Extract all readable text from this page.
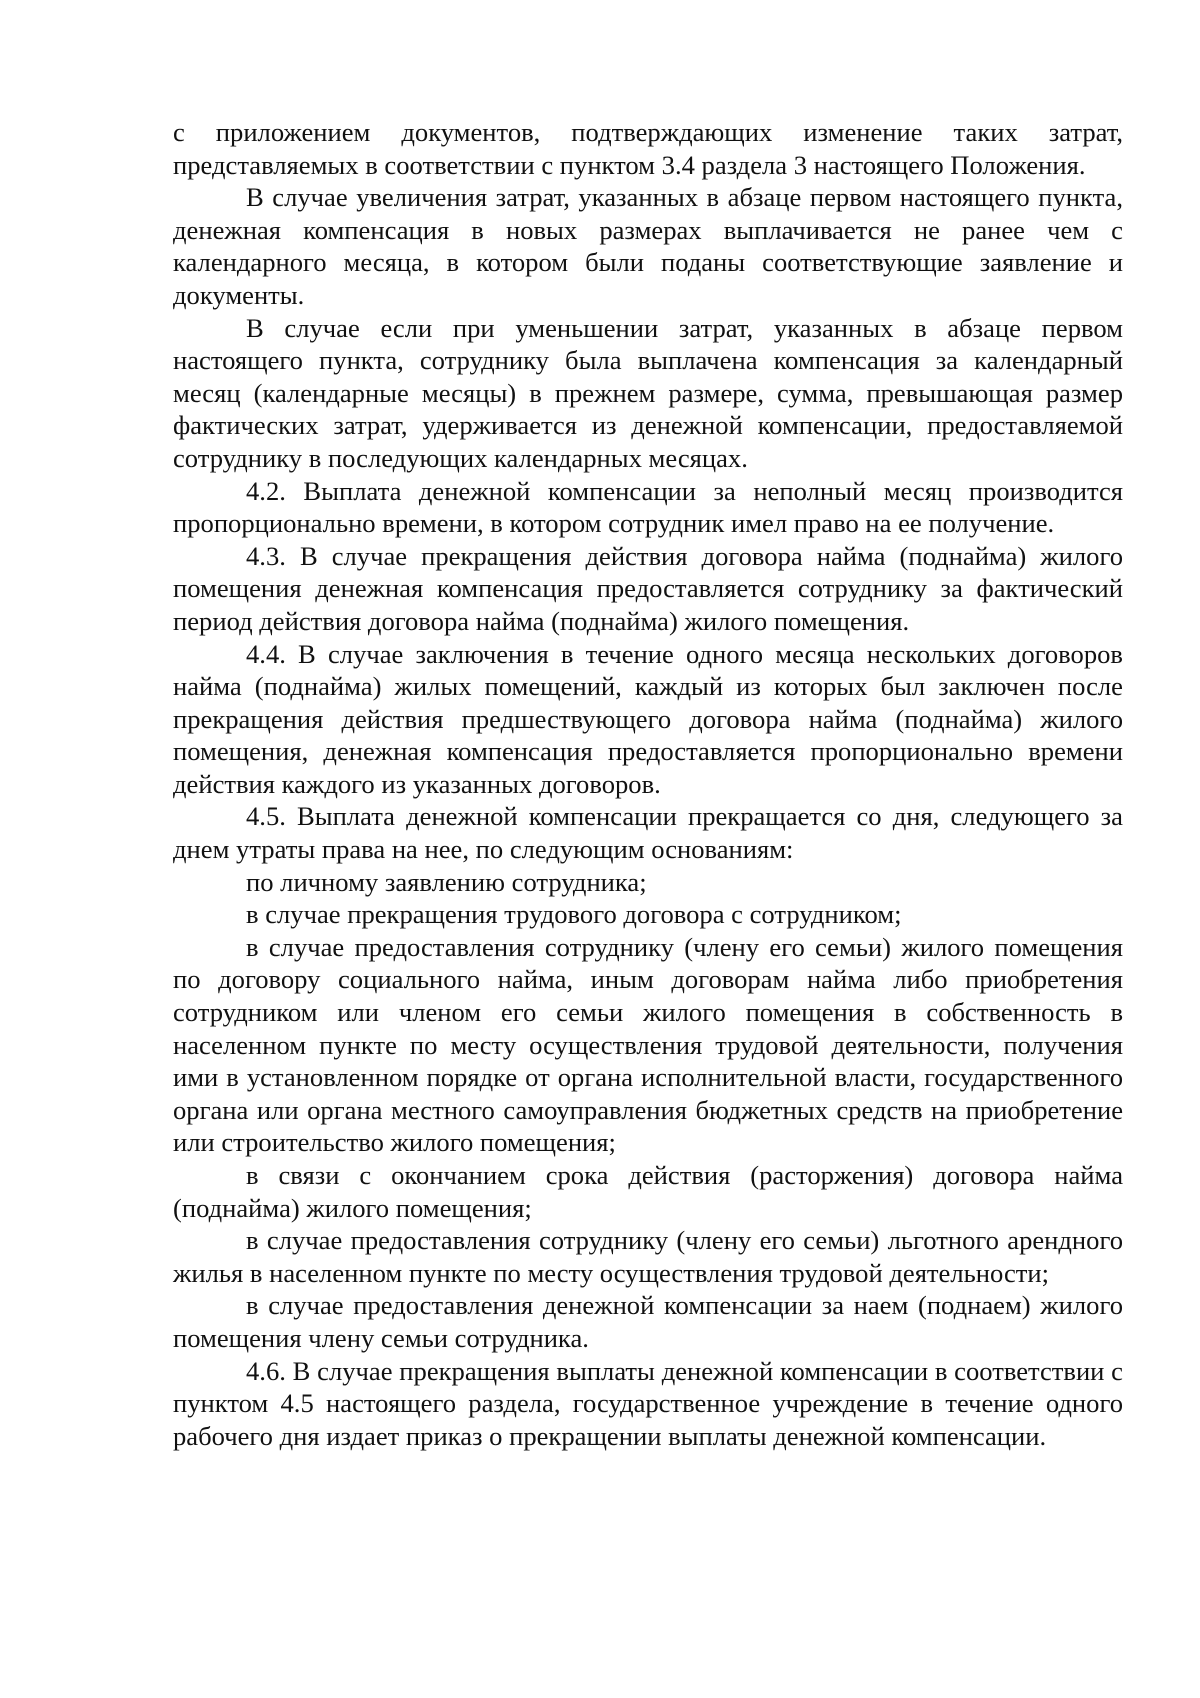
с приложением документов, подтверждающих изменение таких затрат, представляемых в соответствии с пунктом 3.4 раздела 3 настоящего Положения.

В случае увеличения затрат, указанных в абзаце первом настоящего пункта, денежная компенсация в новых размерах выплачивается не ранее чем с календарного месяца, в котором были поданы соответствующие заявление и документы.

В случае если при уменьшении затрат, указанных в абзаце первом настоящего пункта, сотруднику была выплачена компенсация за календарный месяц (календарные месяцы) в прежнем размере, сумма, превышающая размер фактических затрат, удерживается из денежной компенсации, предоставляемой сотруднику в последующих календарных месяцах.

4.2. Выплата денежной компенсации за неполный месяц производится пропорционально времени, в котором сотрудник имел право на ее получение.

4.3. В случае прекращения действия договора найма (поднайма) жилого помещения денежная компенсация предоставляется сотруднику за фактический период действия договора найма (поднайма) жилого помещения.

4.4. В случае заключения в течение одного месяца нескольких договоров найма (поднайма) жилых помещений, каждый из которых был заключен после прекращения действия предшествующего договора найма (поднайма) жилого помещения, денежная компенсация предоставляется пропорционально времени действия каждого из указанных договоров.

4.5. Выплата денежной компенсации прекращается со дня, следующего за днем утраты права на нее, по следующим основаниям:

по личному заявлению сотрудника;

в случае прекращения трудового договора с сотрудником;

в случае предоставления сотруднику (члену его семьи) жилого помещения по договору социального найма, иным договорам найма либо приобретения сотрудником или членом его семьи жилого помещения в собственность в населенном пункте по месту осуществления трудовой деятельности, получения ими в установленном порядке от органа исполнительной власти, государственного органа или органа местного самоуправления бюджетных средств на приобретение или строительство жилого помещения;

в связи с окончанием срока действия (расторжения) договора найма (поднайма) жилого помещения;

в случае предоставления сотруднику (члену его семьи) льготного арендного жилья в населенном пункте по месту осуществления трудовой деятельности;

в случае предоставления денежной компенсации за наем (поднаем) жилого помещения члену семьи сотрудника.

4.6. В случае прекращения выплаты денежной компенсации в соответствии с пунктом 4.5 настоящего раздела, государственное учреждение в течение одного рабочего дня издает приказ о прекращении выплаты денежной компенсации.
